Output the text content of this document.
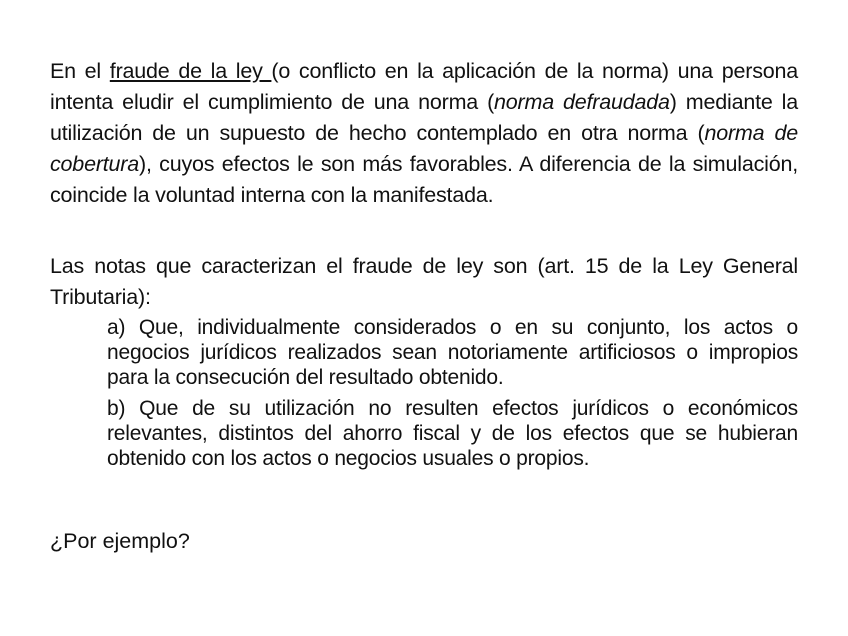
En el fraude de la ley (o conflicto en la aplicación de la norma) una persona intenta eludir el cumplimiento de una norma (norma defraudada) mediante la utilización de un supuesto de hecho contemplado en otra norma (norma de cobertura), cuyos efectos le son más favorables. A diferencia de la simulación, coincide la voluntad interna con la manifestada.

Las notas que caracterizan el fraude de ley son (art. 15 de la Ley General Tributaria):

a) Que, individualmente considerados o en su conjunto, los actos o negocios jurídicos realizados sean notoriamente artificiosos o impropios para la consecución del resultado obtenido.
b) Que de su utilización no resulten efectos jurídicos o económicos relevantes, distintos del ahorro fiscal y de los efectos que se hubieran obtenido con los actos o negocios usuales o propios.

¿Por ejemplo?
